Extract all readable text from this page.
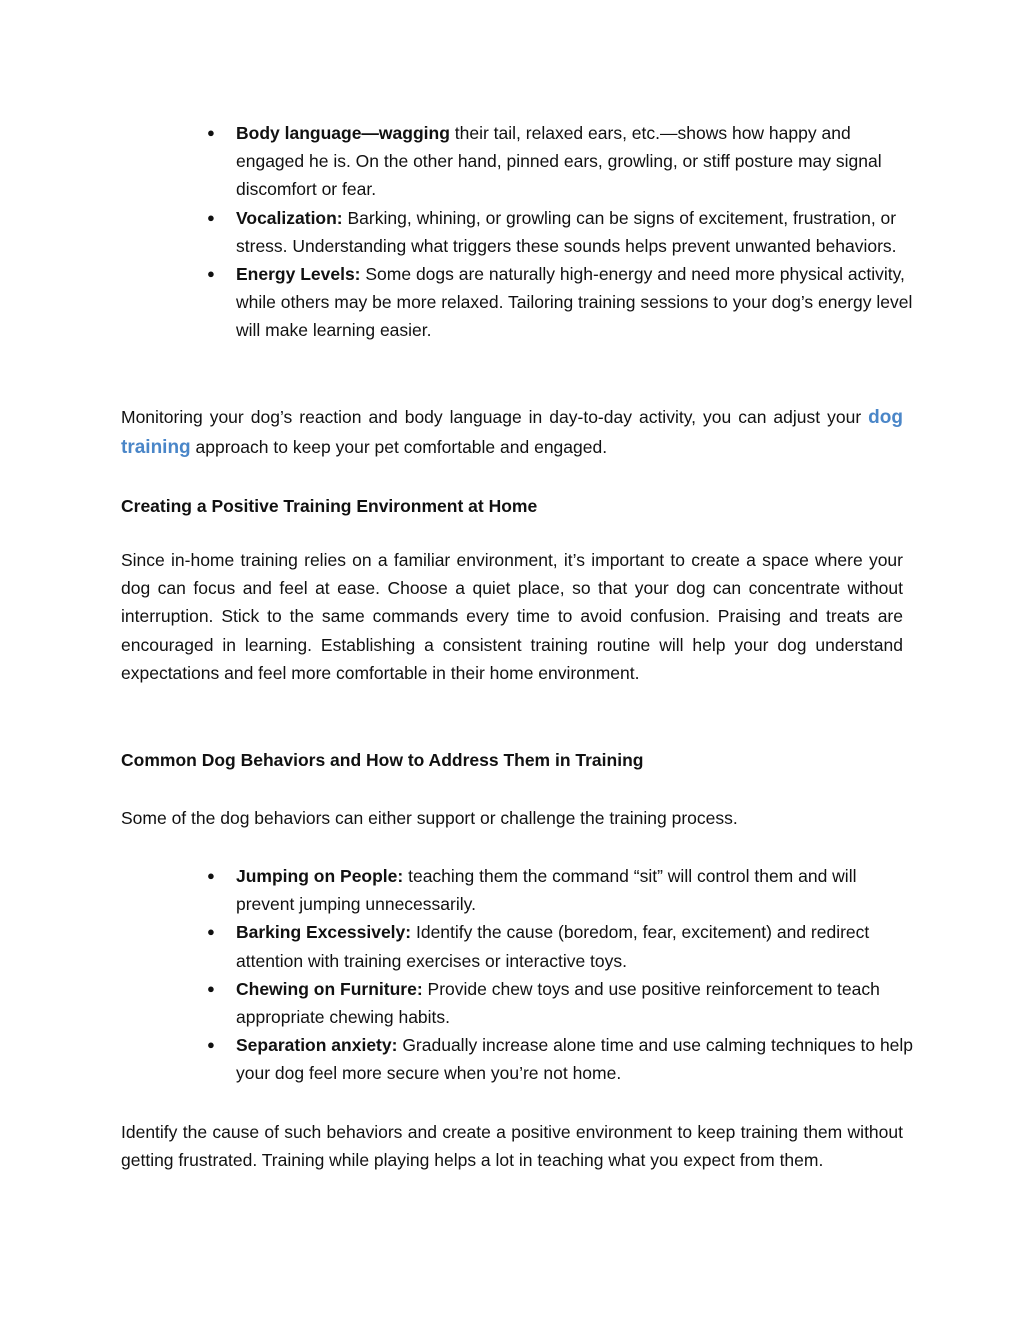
● Body language—wagging their tail, relaxed ears, etc.—shows how happy and engaged he is. On the other hand, pinned ears, growling, or stiff posture may signal discomfort or fear.
● Vocalization: Barking, whining, or growling can be signs of excitement, frustration, or stress. Understanding what triggers these sounds helps prevent unwanted behaviors.
● Energy Levels: Some dogs are naturally high-energy and need more physical activity, while others may be more relaxed. Tailoring training sessions to your dog’s energy level will make learning easier.

Monitoring your dog’s reaction and body language in day-to-day activity, you can adjust your dog training approach to keep your pet comfortable and engaged.

Creating a Positive Training Environment at Home

Since in-home training relies on a familiar environment, it’s important to create a space where your dog can focus and feel at ease. Choose a quiet place, so that your dog can concentrate without interruption. Stick to the same commands every time to avoid confusion. Praising and treats are encouraged in learning. Establishing a consistent training routine will help your dog understand expectations and feel more comfortable in their home environment.

Common Dog Behaviors and How to Address Them in Training

Some of the dog behaviors can either support or challenge the training process.

● Jumping on People: teaching them the command “sit” will control them and will prevent jumping unnecessarily.
● Barking Excessively: Identify the cause (boredom, fear, excitement) and redirect attention with training exercises or interactive toys.
● Chewing on Furniture: Provide chew toys and use positive reinforcement to teach appropriate chewing habits.
● Separation anxiety: Gradually increase alone time and use calming techniques to help your dog feel more secure when you’re not home.

Identify the cause of such behaviors and create a positive environment to keep training them without getting frustrated. Training while playing helps a lot in teaching what you expect from them.
